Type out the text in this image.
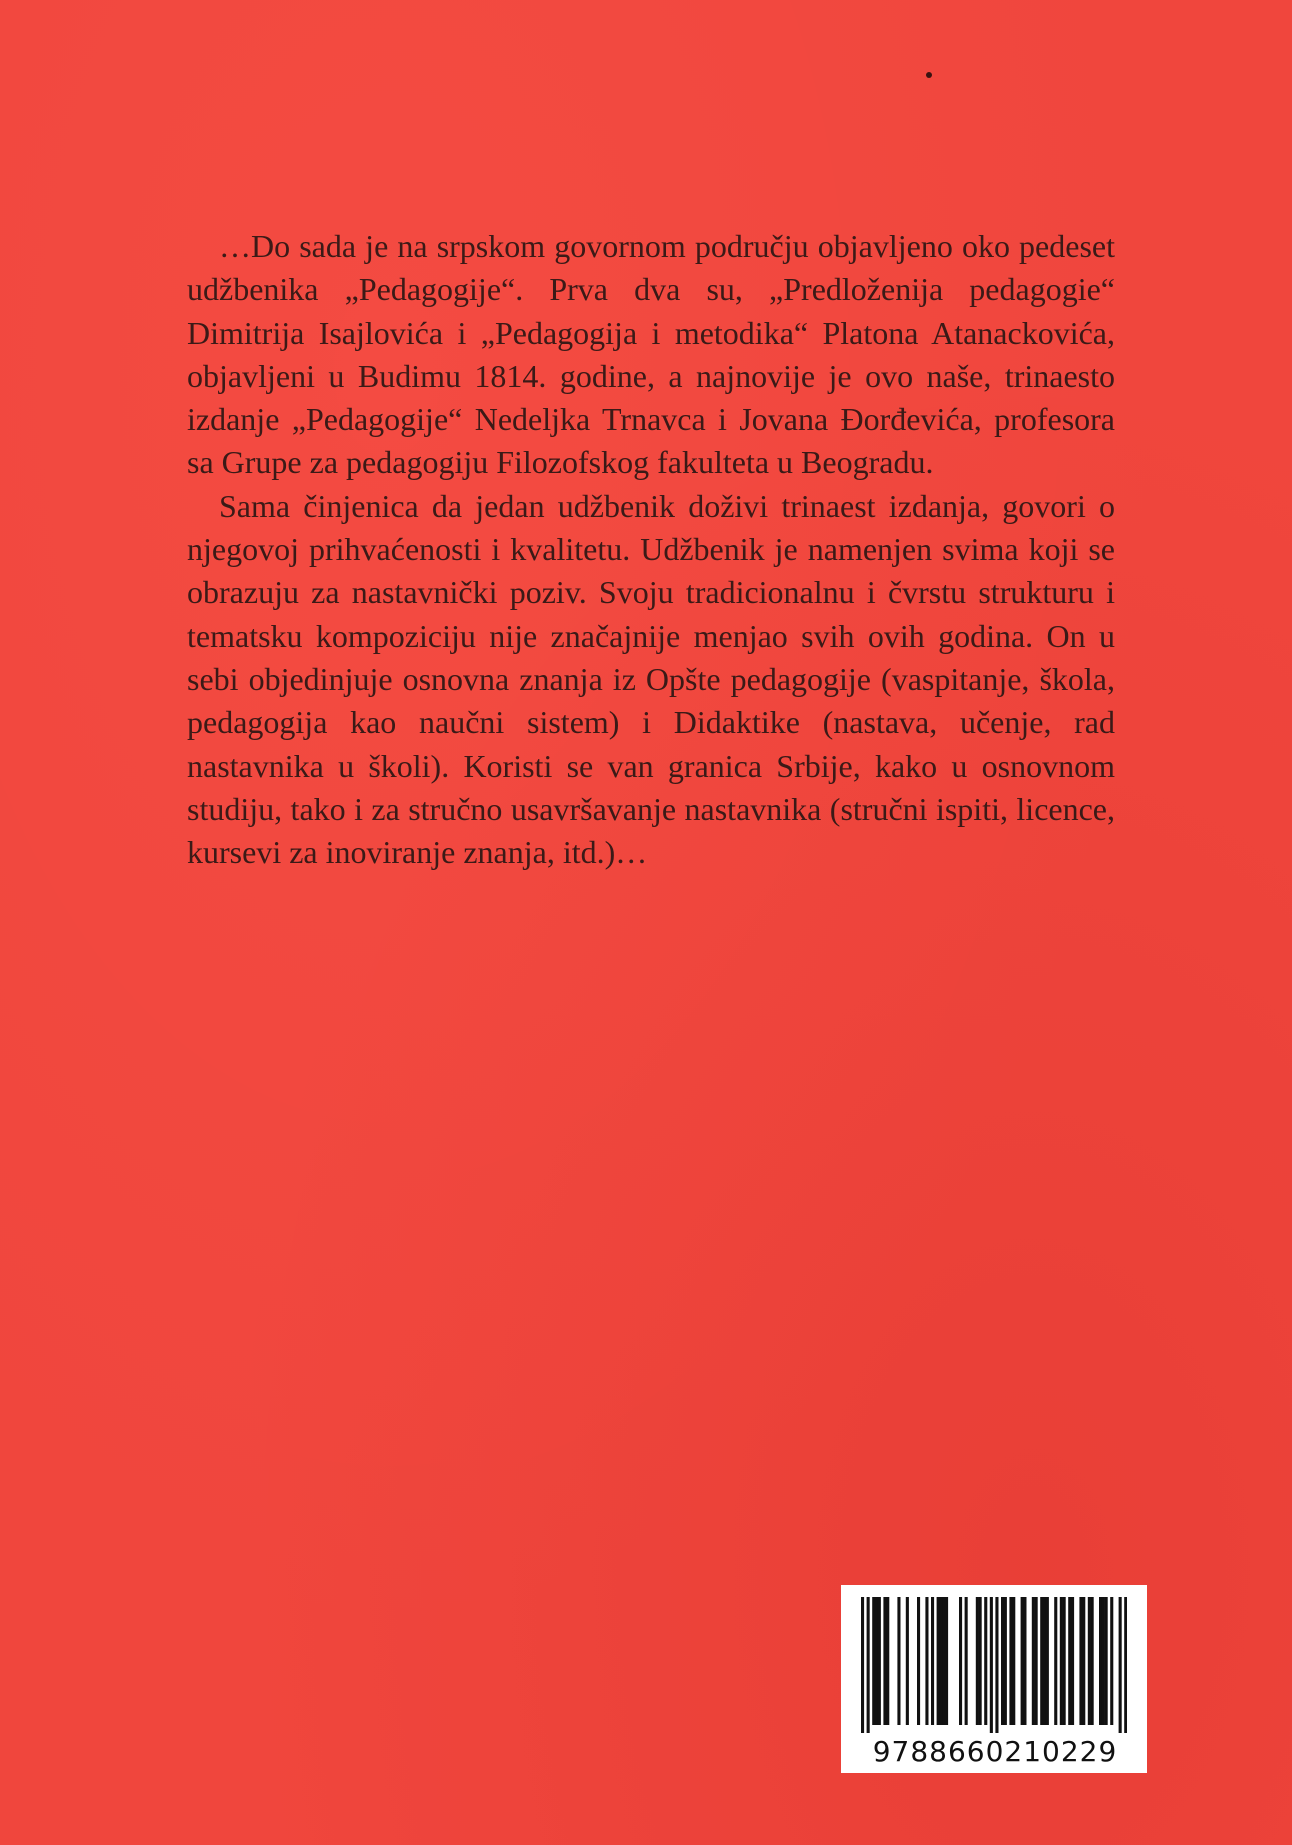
…Do sada je na srpskom govornom području objavljeno oko pedeset udžbenika „Pedagogije“. Prva dva su, „Predloženija pedagogie“ Dimitrija Isajlovića i „Pedagogija i metodika“ Platona Atanackovića, objavljeni u Budimu 1814. godine, a najnovije je ovo naše, trinaesto izdanje „Pedagogije“ Nedeljka Trnavca i Jovana Đorđevića, profesora sa Grupe za pedagogiju Filozofskog fakulteta u Beogradu.

Sama činjenica da jedan udžbenik doživi trinaest izdanja, govori o njegovoj prihvaćenosti i kvalitetu. Udžbenik je namenjen svima koji se obrazuju za nastavnički poziv. Svoju tradicionalnu i čvrstu strukturu i tematsku kompoziciju nije značajnije menjao svih ovih godina. On u sebi objedinjuje osnovna znanja iz Opšte pedagogije (vaspitanje, škola, pedagogija kao naučni sistem) i Didaktike (nastava, učenje, rad nastavnika u školi). Koristi se van granica Srbije, kako u osnovnom studiju, tako i za stručno usavršavanje nastavnika (stručni ispiti, licence, kursevi za inoviranje znanja, itd.)…

9788660210229
